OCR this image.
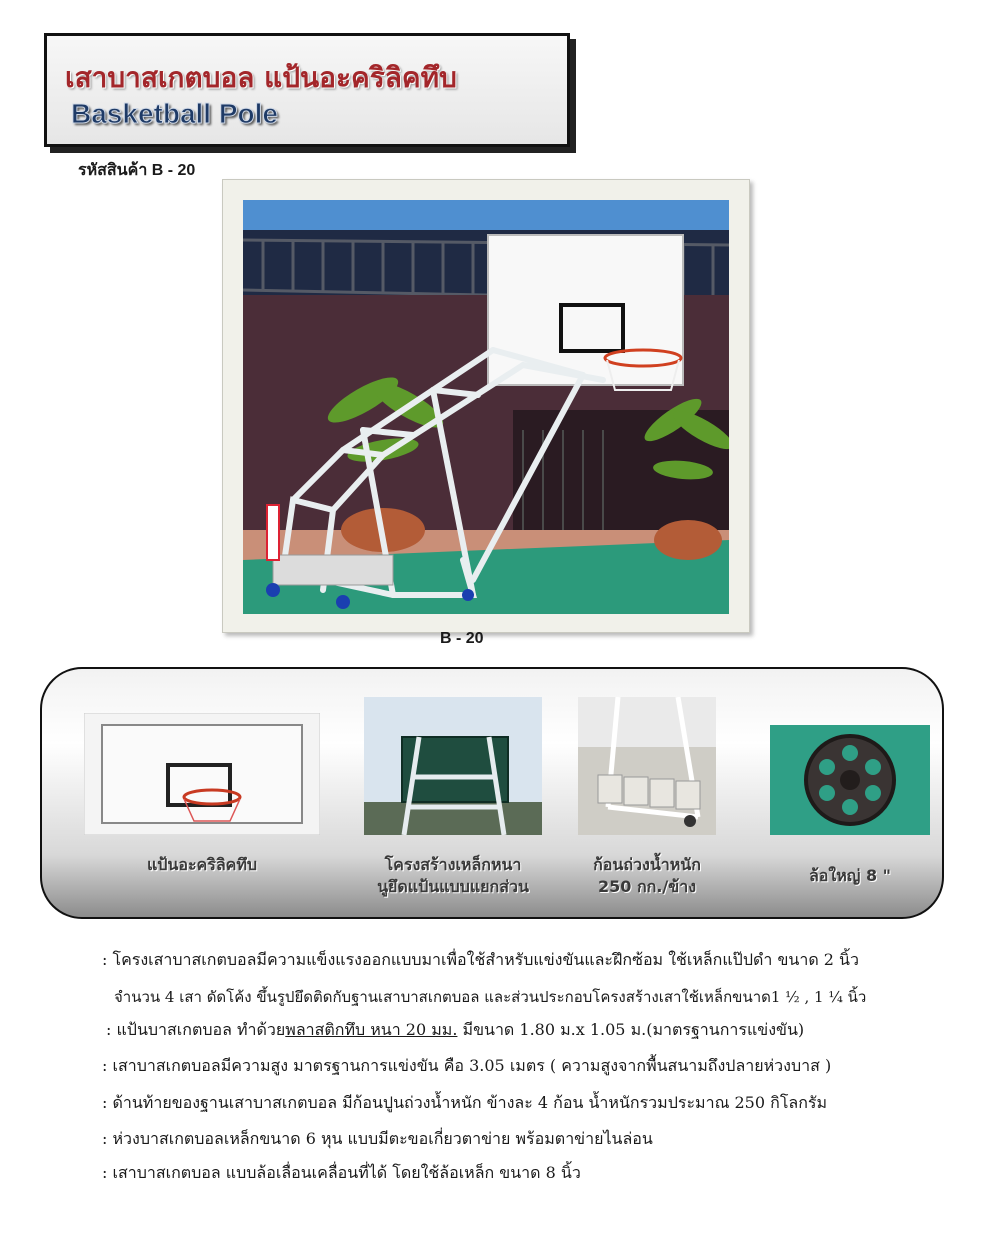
เสาบาสเกตบอล แป้นอะคริลิคทึบ
Basketball Pole
รหัสสินค้า B - 20
B - 20
แป้นอะคริลิคทึบ	โครงสร้างเหล็กหนา
นูยึดแป้นแบบแยกส่วน
ก้อนถ่วงน้ำหนัก
250 กก./ข้าง
ล้อใหญ่ 8 "
: โครงเสาบาสเกตบอลมีความแข็งแรงออกแบบมาเพื่อใช้สำหรับแข่งขันและฝึกซ้อม ใช้เหล็กแป๊ปดำ ขนาด 2 นิ้ว
จำนวน 4 เสา ดัดโค้ง ขึ้นรูปยึดติดกับฐานเสาบาสเกตบอล และส่วนประกอบโครงสร้างเสาใช้เหล็กขนาด1 ½ , 1 ¼ นิ้ว
: แป้นบาสเกตบอล ทำด้วยพลาสติกทึบ หนา 20 มม. มีขนาด 1.80 ม.x 1.05 ม.(มาตรฐานการแข่งขัน)
: เสาบาสเกตบอลมีความสูง มาตรฐานการแข่งขัน คือ 3.05 เมตร ( ความสูงจากพื้นสนามถึงปลายห่วงบาส )
: ด้านท้ายของฐานเสาบาสเกตบอล มีก้อนปูนถ่วงน้ำหนัก ข้างละ 4 ก้อน น้ำหนักรวมประมาณ 250 กิโลกรัม
: ห่วงบาสเกตบอลเหล็กขนาด 6 หุน แบบมีตะขอเกี่ยวตาข่าย พร้อมตาข่ายไนล่อน
: เสาบาสเกตบอล แบบล้อเลื่อนเคลื่อนที่ได้ โดยใช้ล้อเหล็ก ขนาด 8 นิ้ว
